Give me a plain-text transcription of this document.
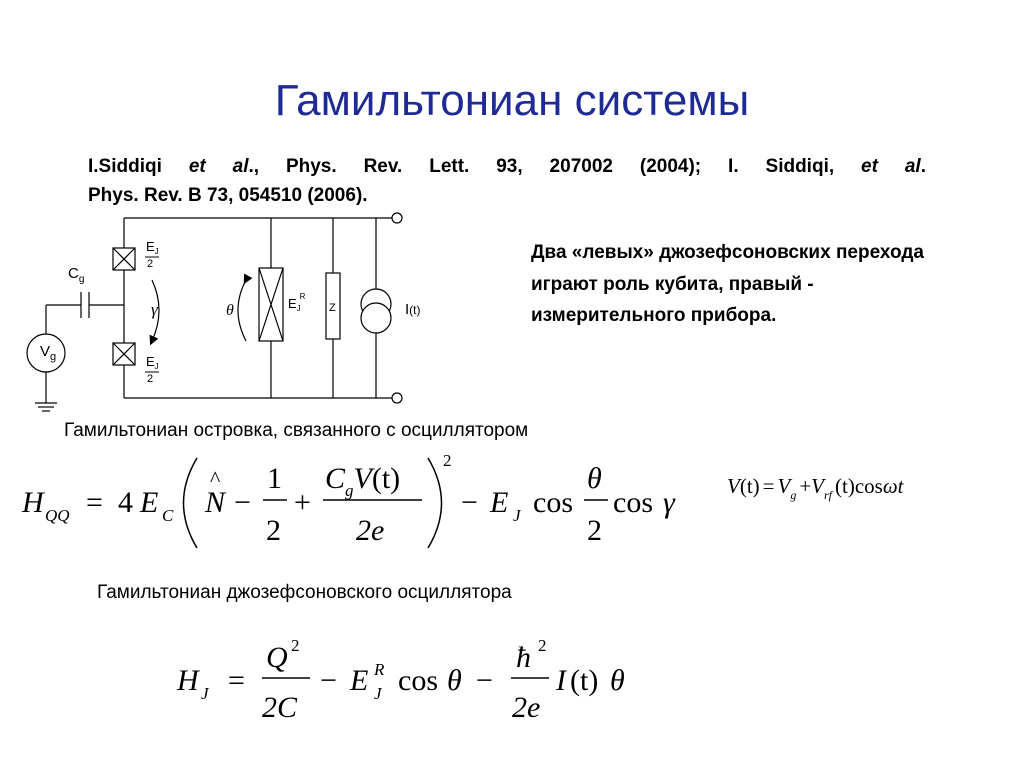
Гамильтониан системы
I.Siddiqi et al., Phys. Rev. Lett. 93, 207002 (2004); I. Siddiqi, et al.
Phys. Rev. B 73, 054510 (2006).
Два «левых» джозефсоновских перехода играют роль кубита, правый - измерительного прибора.
Гамильтониан островка, связанного с осциллятором
Гамильтониан джозефсоновского осциллятора
$C_g$
$V_g$
$E_J$
2
$E_J$
2
$E_JR$
Z	I(t)
γ	θ
H QQ = 4 E C
^
N −
1
2
+
$C_gV(t)$
2e
2
− E J cos
θ
2
cos γ $V(t) = V_g +V_{rf}$ (t)cosωt
H J =
Q 2
2C
− E R
J cos θ −
ħ 2
2e
I (t) θ
